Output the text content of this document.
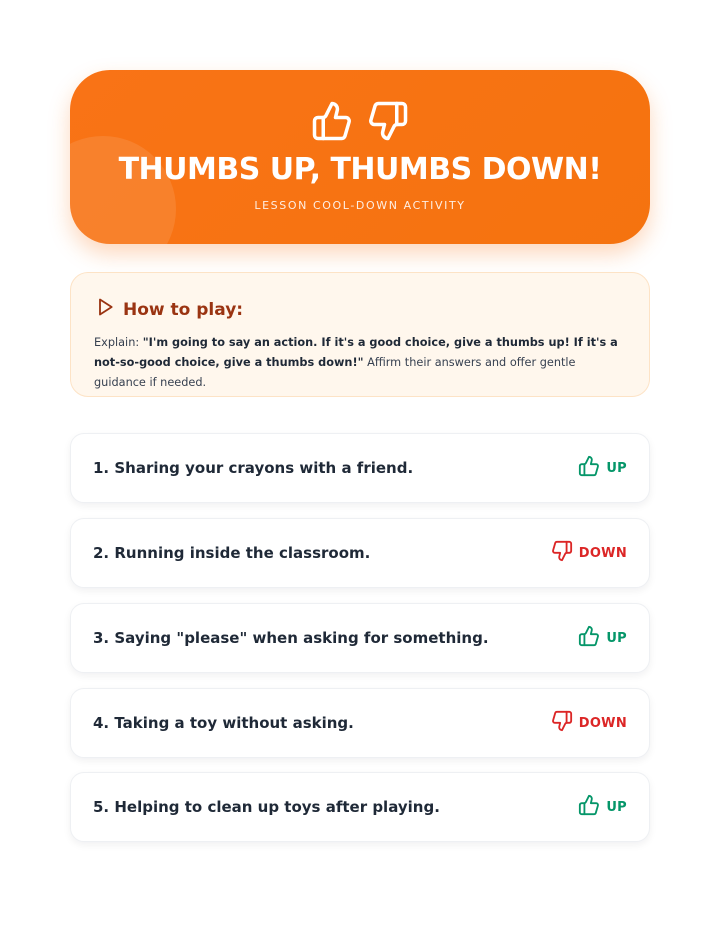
THUMBS UP, THUMBS DOWN!
LESSON COOL-DOWN ACTIVITY
How to play:
Explain: "I'm going to say an action. If it's a good choice, give a thumbs up! If it's a not-so-good choice, give a thumbs down!" Affirm their answers and offer gentle guidance if needed.
1. Sharing your crayons with a friend.	UP
2. Running inside the classroom.	DOWN
3. Saying "please" when asking for something.	UP
4. Taking a toy without asking.	DOWN
5. Helping to clean up toys after playing.	UP
